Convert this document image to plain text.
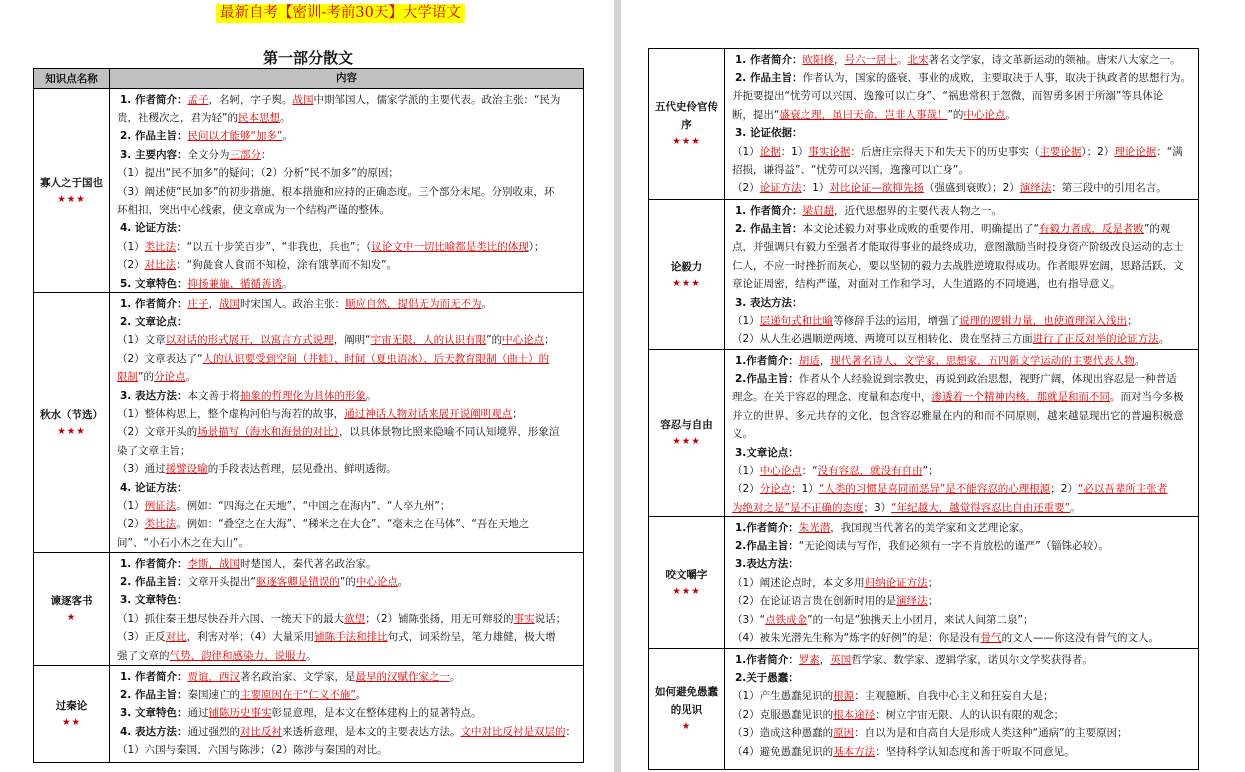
最新自考【密训-考前30天】大学语文
第一部分散文
知识点名称	内容
寡人之于国也
★★★
1. 作者简介：孟子，名轲，字子舆。战国中期邹国人，儒家学派的主要代表。政治主张：“民为
贵，社稷次之，君为轻”的民本思想。
2. 作品主旨：民问以才能够“加多”。
3. 主要内容：全文分为三部分：
（1）提出“民不加多”的疑问；（2）分析“民不加多”的原因；
（3）阐述使“民加多”的初步措施、根本措施和应持的正确态度。三个部分末尾。分别收束，环
环相扣，突出中心线索，使文章成为一个结构严谨的整体。
4. 论证方法：
（1）类比法：“以五十步笑百步”、“非我也，兵也”；（议论文中一切比喻都是类比的体现）；
（2）对比法：“狗彘食人食而不知检，涂有饿莩而不知发”。
5. 文章特色：抑扬兼施、循循善诱。
秋水（节选）
★★★
1. 作者简介：庄子，战国时宋国人。政治主张：顺应自然，提倡无为而无不为。
2. 文章论点：
（1）文章以对话的形式展开，以寓言方式说理，阐明“宇宙无限，人的认识有限”的中心论点；
（2）文章表达了“人的认识要受到空间（井蛙）、时间（夏虫语冰）、后天教育限制（曲士）的
限制”的分论点。
3. 表达方法：本文善于将抽象的哲理化为具体的形象。
（1）整体构思上，整个虚构河伯与海若的故事，通过神话人物对话来展开说阐明观点；
（2）文章开头的场景描写（海水和海景的对比），以具体景物比照来隐喻不同认知境界，形象渲
染了文章主旨；
（3）通过援譬设喻的手段表达哲理，层见叠出、鲜明透彻。
4. 论证方法：
（1）例证法。例如：“四海之在天地”、“中国之在海内”、“人卒九州”；
（2）类比法。例如：“叠空之在大海”、“稊米之在大仓”、“毫末之在马体”、“吾在天地之
间”、“小石小木之在大山”。
谏逐客书
★
1. 作者简介：李斯，战国时楚国人，秦代著名政治家。
2. 作品主旨：文章开头提出“驱逐客卿是错误的”的中心论点。
3. 文章特色：
（1）抓住秦王想尽快吞并六国、一统天下的最大欲望；（2）铺陈张扬，用无可辩驳的事实说话；
（3）正反对比，利害对举；（4）大量采用铺陈手法和排比句式，词采纷呈，笔力雄健，极大增
强了文章的气势、韵律和感染力、说服力。
过秦论
★★
1. 作者简介：贾谊，西汉著名政治家、文学家，是最早的汉赋作家之一。
2. 作品主旨：秦国速亡的主要原因在于“仁义不施”。
3. 文章特色：通过铺陈历史事实彰显意理，是本文在整体建构上的显著特点。
4. 表达方法：通过强烈的对比反衬来透析意理，是本文的主要表达方法。文中对比反衬是双层的：
（1）六国与秦国、六国与陈涉；（2）陈涉与秦国的对比。
五代史伶官传序
★★★
1. 作者简介：欧阳修，号六一居士。北宋著名文学家，诗文革新运动的领袖。唐宋八大家之一。
2. 作品主旨：作者认为，国家的盛衰、事业的成败，主要取决于人事，取决于执政者的思想行为。
并扼要提出“忧劳可以兴国、逸豫可以亡身”、“祸患常积于忽微，而智勇多困于所溺”等具体论
断，提出“盛衰之理，虽曰天命，岂非人事哉！”的中心论点。
3. 论证依据：
（1）论据：1）事实论据：后唐庄宗得天下和失天下的历史事实（主要论据）；2）理论论据：“满
招损，谦得益”、“忧劳可以兴国，逸豫可以亡身”。
（2）论证方法：1）对比论证—欲抑先扬（强盛到衰败）；2）演绎法：第三段中的引用名言。
论毅力
★★★
1. 作者简介：梁启超，近代思想界的主要代表人物之一。
2. 作品主旨：本文论述毅力对事业成败的重要作用，明确提出了“有毅力者成，反是者败”的观
点，并强调只有毅力至强者才能取得事业的最终成功，意图激励当时投身资产阶级改良运动的志士
仁人，不应一时挫折而灰心，要以坚韧的毅力去战胜逆境取得成功。作者眼界宏阔，思路活跃，文
章论证周密，结构严谨，对面对工作和学习，人生道路的不同境遇，也有指导意义。
3. 表达方法：
（1）层递句式和比喻等修辞手法的运用，增强了说理的逻辑力量，也使道理深入浅出；
（2）从人生必遇顺逆两境、两境可以互相转化、贵在坚持三方面进行了正反对举的论证方法。
容忍与自由
★★★
1.作者简介：胡适，现代著名诗人、文学家、思想家，五四新文学运动的主要代表人物。
2.作品主旨：作者从个人经验说到宗教史，再说到政治思想，视野广阔，体现出容忍是一种普适
理念。在关于容忍的理念、度量和态度中，渗透着一个精神内核，那就是和而不同。而对当今多极
并立的世界、多元共存的文化，包含容忍雅量在内的和而不同原则，越来越显现出它的普遍积极意
义。
3.文章论点：
（1）中心论点：“没有容忍，就没有自由”；
（2）分论点：1）“人类的习惯是喜同而恶异”是不能容忍的心理根源；2）“必以吾辈所主张者
为绝对之是”是不正确的态度；3）“年纪越大，越觉得容忍比自由还重要”。
咬文嚼字
★★★
1.作者简介：朱光潜，我国现当代著名的美学家和文艺理论家。
2.作品主旨：“无论阅读与写作，我们必须有一字不肯放松的谨严”（锱铢必较）。
3.表达方法：
（1）阐述论点时，本文多用归纳论证方法；
（2）在论证语言贵在创新时用的是演绎法；
（3）“点铁成金”的一句是“独携天上小团月，来试人间第二泉”；
（4）被朱光潜先生称为“炼字的好例”的是：你是没有骨气的文人——你这没有骨气的文人。
如何避免愚蠢的见识
★
1.作者简介：罗素，英国哲学家、数学家、逻辑学家，诺贝尔文学奖获得者。
2.关于愚蠢：
（1）产生愚蠢见识的根源：主观臆断、自我中心主义和狂妄自大是；
（2）克服愚蠢见识的根本途径：树立宇宙无限、人的认识有限的观念；
（3）造成这种愚蠢的原因：自以为是和自高自大是形成人类这种“通病”的主要原因；
（4）避免愚蠢见识的基本方法：坚持科学认知态度和善于听取不同意见。
